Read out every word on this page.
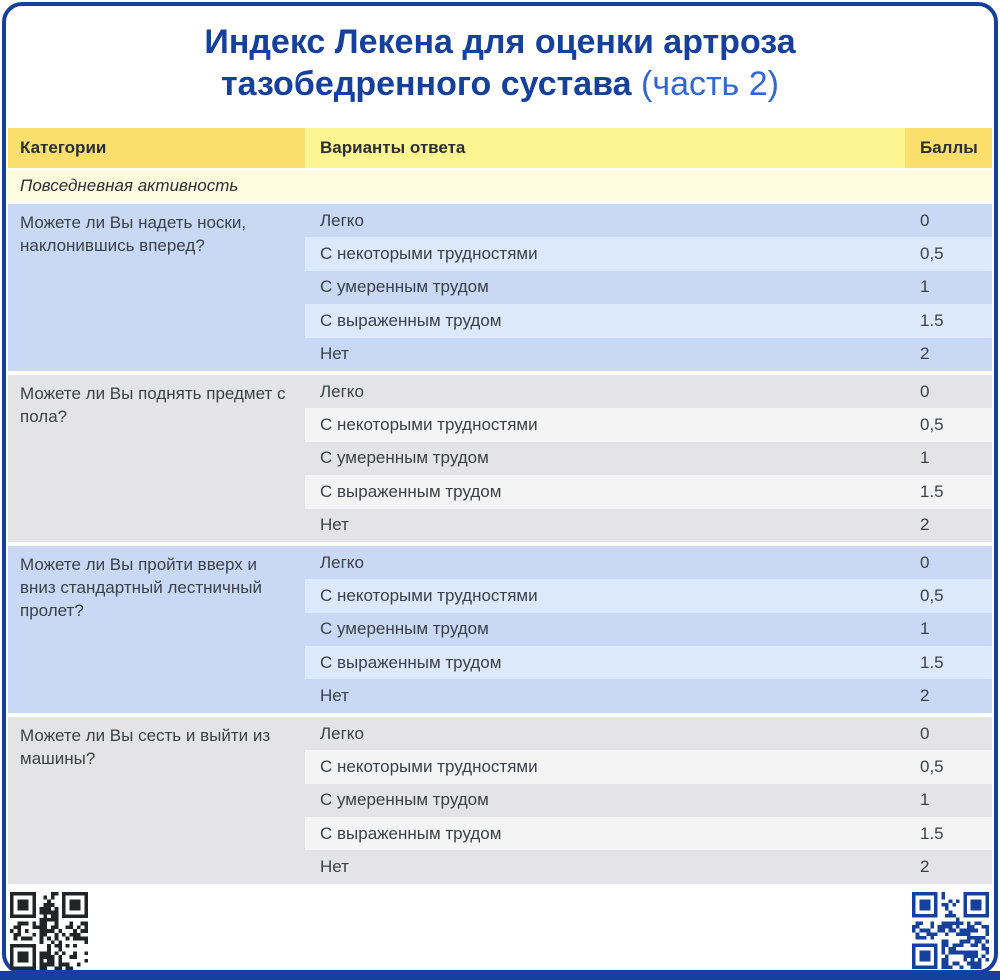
Индекс Лекена для оценки артроза
тазобедренного сустава (часть 2)
Категории	Варианты ответа	Баллы
Повседневная активность
Можете ли Вы надеть носки, наклонившись вперед?
Легко	0
С некоторыми трудностями	0,5
С умеренным трудом	1
С выраженным трудом	1.5
Нет	2
Можете ли Вы поднять предмет с пола?
Легко	0
С некоторыми трудностями	0,5
С умеренным трудом	1
С выраженным трудом	1.5
Нет	2
Можете ли Вы пройти вверх и вниз стандартный лестничный пролет?
Легко	0
С некоторыми трудностями	0,5
С умеренным трудом	1
С выраженным трудом	1.5
Нет	2
Можете ли Вы сесть и выйти из машины?
Легко	0
С некоторыми трудностями	0,5
С умеренным трудом	1
С выраженным трудом	1.5
Нет	2
